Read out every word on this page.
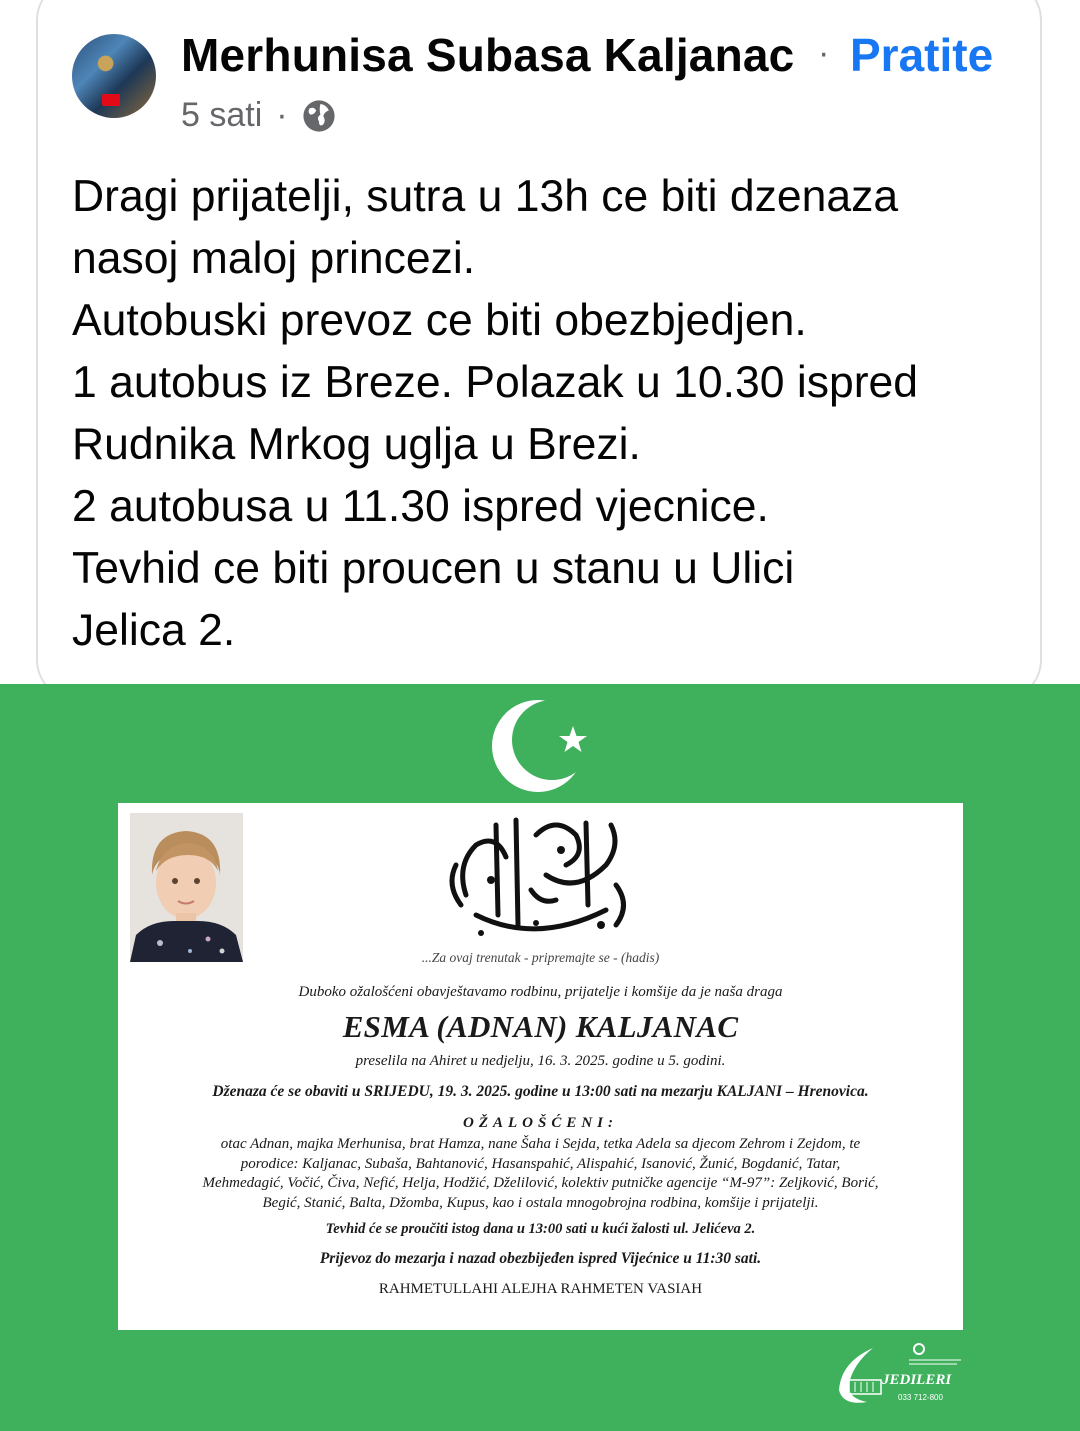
Merhunisa Subasa Kaljanac · Pratite
5 sati ·
Dragi prijatelji, sutra u 13h ce biti dzenaza
nasoj maloj princezi.
Autobuski prevoz ce biti obezbjedjen.
1 autobus iz Breze. Polazak u 10.30 ispred
Rudnika Mrkog uglja u Brezi.
2 autobusa u 11.30 ispred vjecnice.
Tevhid ce biti proucen u stanu u Ulici
Jelica 2.
...Za ovaj trenutak - pripremajte se - (hadis)
Duboko ožalošćeni obavještavamo rodbinu, prijatelje i komšije da je naša draga
ESMA (ADNAN) KALJANAC
preselila na Ahiret u nedjelju, 16. 3. 2025. godine u 5. godini.
Dženaza će se obaviti u SRIJEDU, 19. 3. 2025. godine u 13:00 sati na mezarju KALJANI – Hrenovica.
OŽALOŠĆENI:
otac Adnan, majka Merhunisa, brat Hamza, nane Šaha i Sejda, tetka Adela sa djecom Zehrom i Zejdom, te
porodice: Kaljanac, Subaša, Bahtanović, Hasanspahić, Alispahić, Isanović, Žunić, Bogdanić, Tatar,
Mehmedagić, Vočić, Čiva, Nefić, Helja, Hodžić, Dželilović, kolektiv putničke agencije “M-97”: Zeljković, Borić,
Begić, Stanić, Balta, Džomba, Kupus, kao i ostala mnogobrojna rodbina, komšije i prijatelji.
Tevhid će se proučiti istog dana u 13:00 sati u kući žalosti ul. Jelićeva 2.
Prijevoz do mezarja i nazad obezbijeđen ispred Vijećnice u 11:30 sati.
RAHMETULLAHI ALEJHA RAHMETEN VASIAH
JEDILERI
033 712-800
